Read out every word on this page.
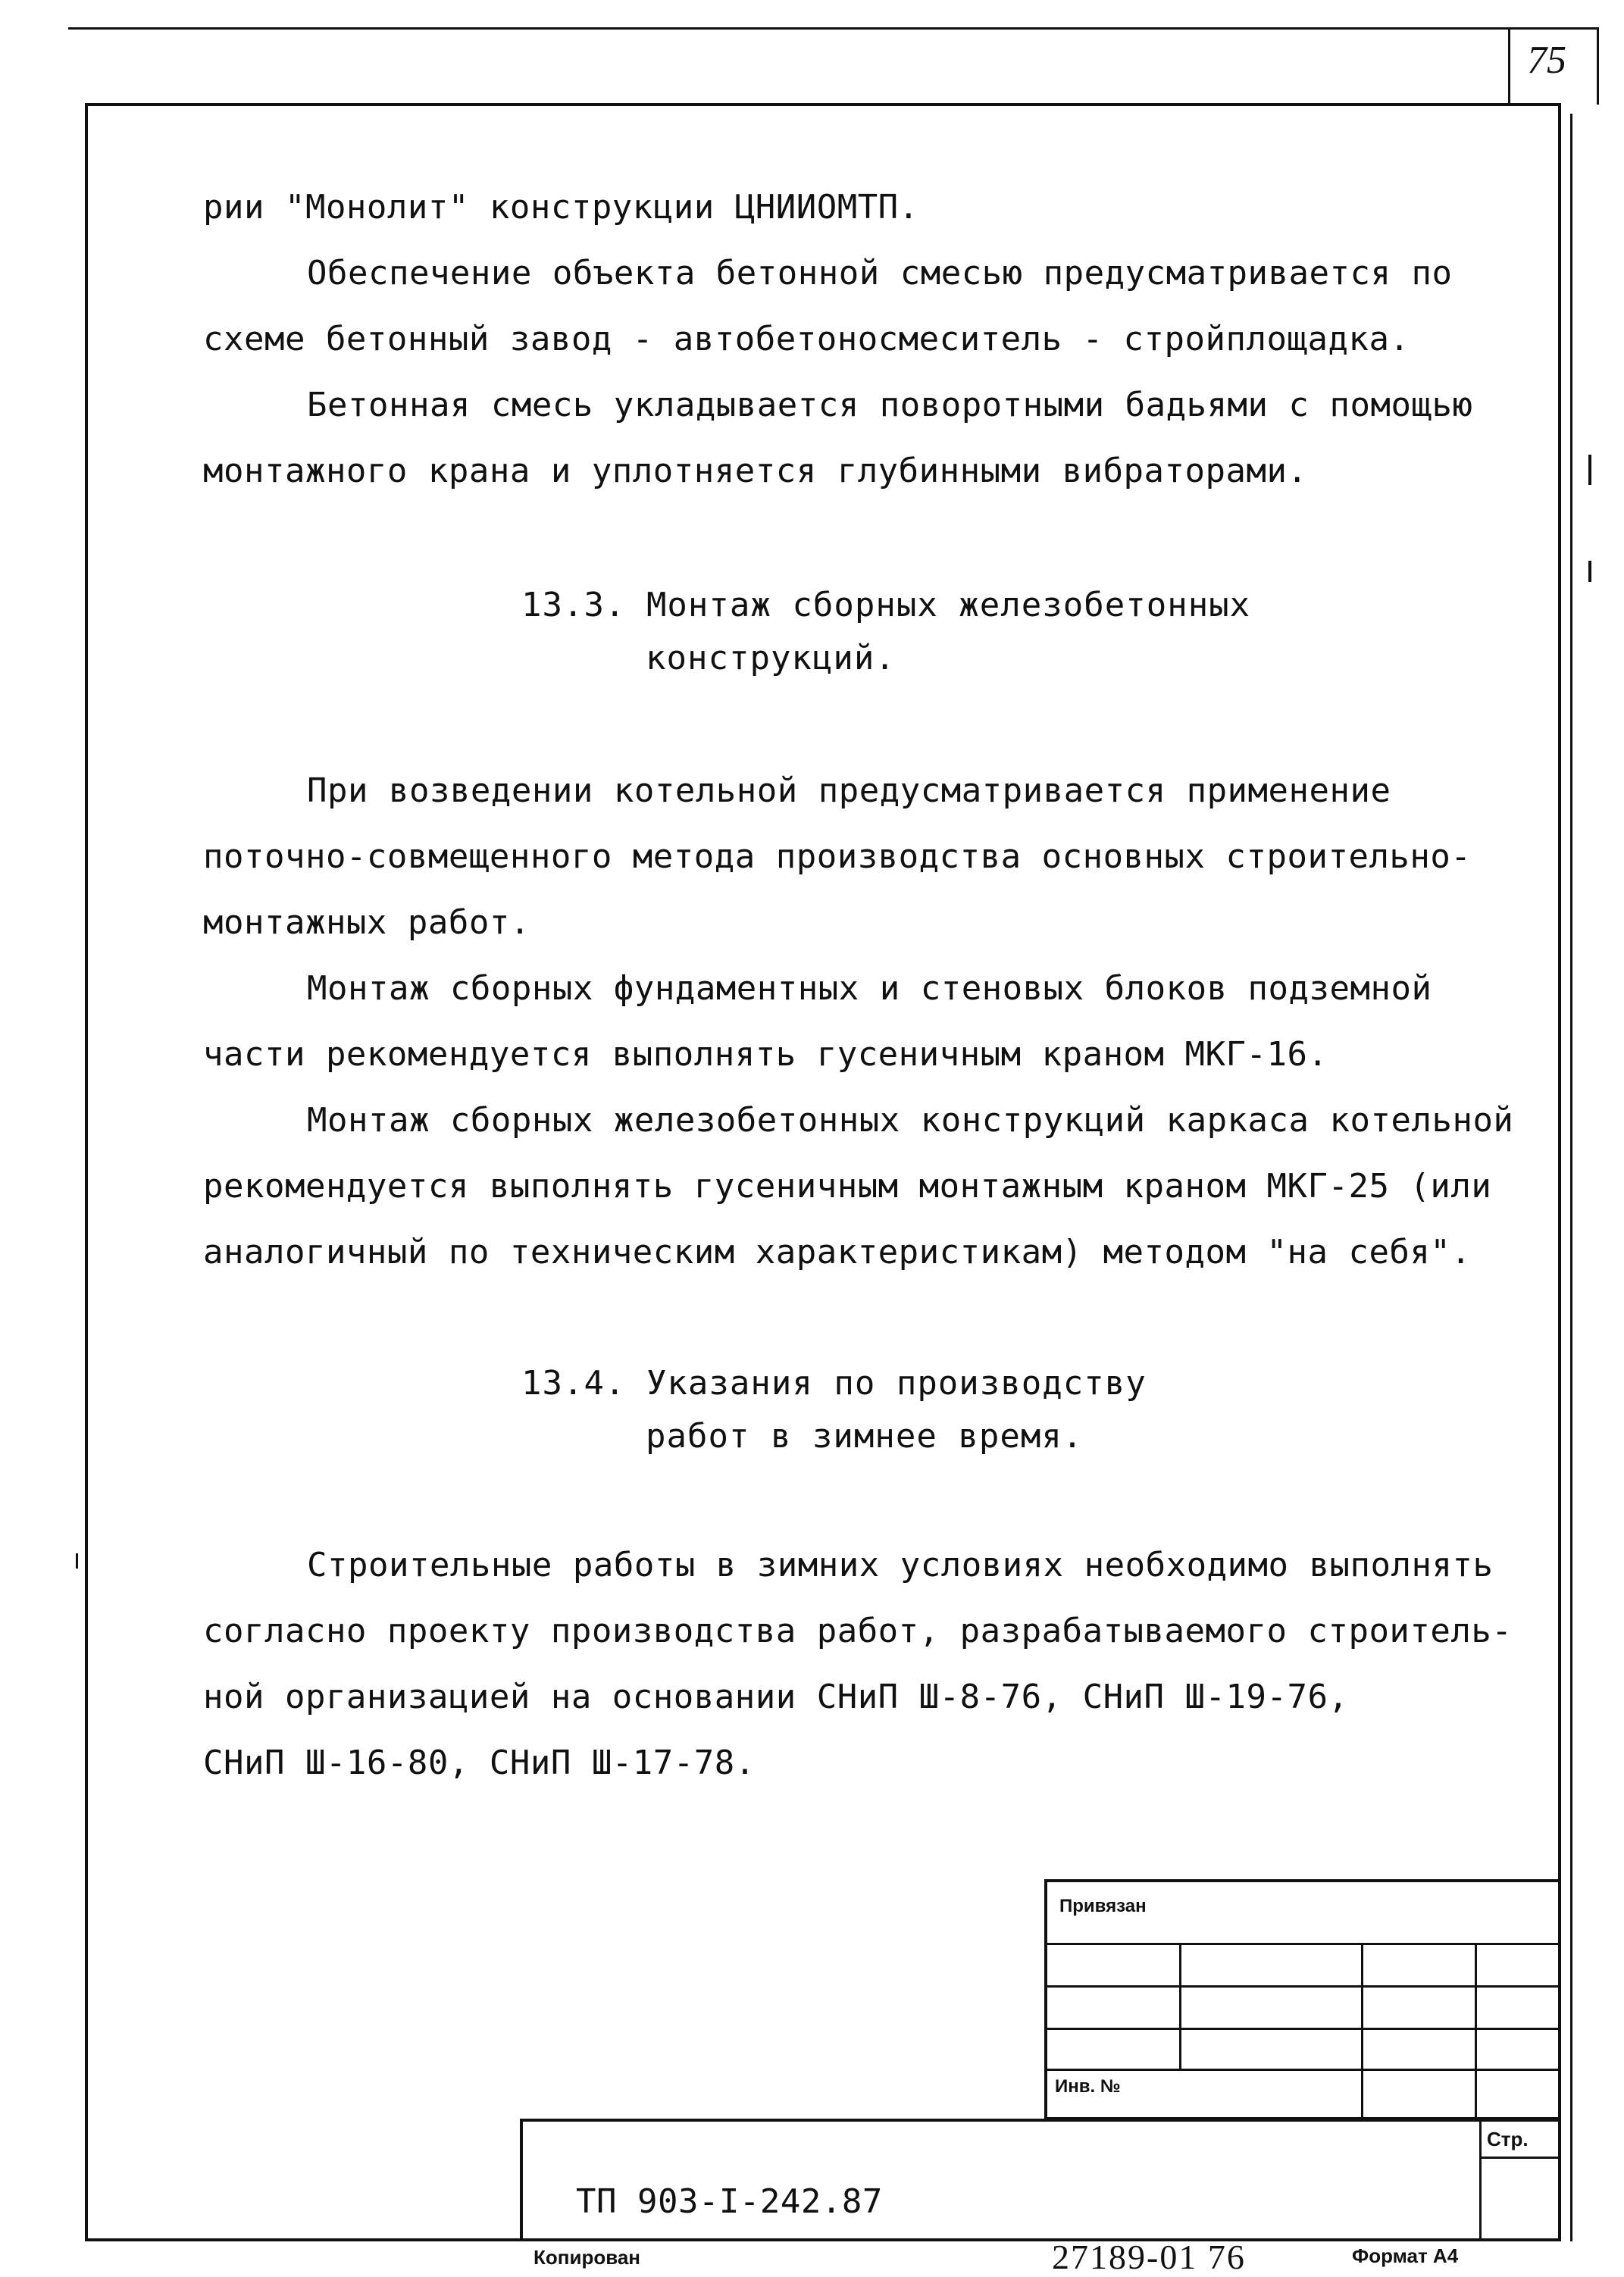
75
рии "Монолит" конструкции ЦНИИОМТП.
Обеспечение объекта бетонной смесью предусматривается по
схеме бетонный завод - автобетоносмеситель - стройплощадка.
Бетонная смесь укладывается поворотными бадьями с помощью
монтажного крана и уплотняется глубинными вибраторами.
13.3. Монтаж сборных железобетонных
конструкций.
При возведении котельной предусматривается применение
поточно-совмещенного метода производства основных строительно-
монтажных работ.
Монтаж сборных фундаментных и стеновых блоков подземной
части рекомендуется выполнять гусеничным краном МКГ-16.
Монтаж сборных железобетонных конструкций каркаса котельной
рекомендуется выполнять гусеничным монтажным краном МКГ-25 (или
аналогичный по техническим характеристикам) методом "на себя".
13.4. Указания по производству
работ в зимнее время.
Строительные работы в зимних условиях необходимо выполнять
согласно проекту производства работ, разрабатываемого строитель-
ной организацией на основании СНиП Ш-8-76, СНиП Ш-19-76,
СНиП Ш-16-80, СНиП Ш-17-78.
Привязан
Инв. №
Стр.
ТП 903-I-242.87
Копирован	27189-01 76	Формат А4
